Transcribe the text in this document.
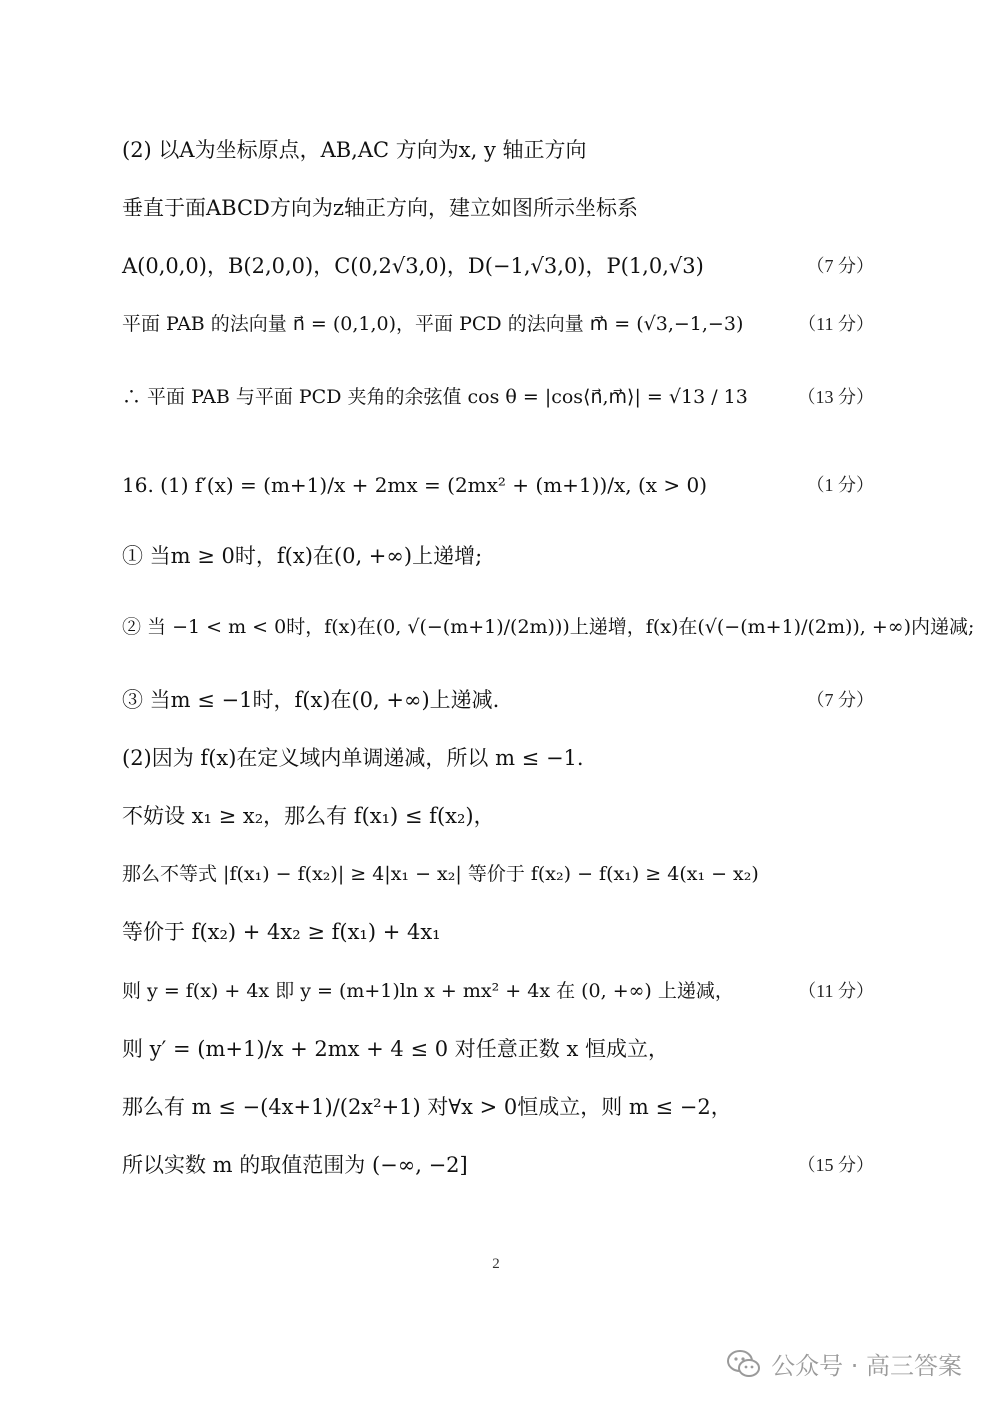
(2) 以A为坐标原点，AB,AC 方向为x, y 轴正方向
垂直于面ABCD方向为z轴正方向，建立如图所示坐标系
A(0,0,0)，B(2,0,0)，C(0,2√3,0)，D(−1,√3,0)，P(1,0,√3)	（7 分）
平面 PAB 的法向量 n⃗ = (0,1,0)，平面 PCD 的法向量 m⃗ = (√3,−1,−3)	（11 分）
∴ 平面 PAB 与平面 PCD 夹角的余弦值 cos θ = |cos⟨n⃗,m⃗⟩| = √13 / 13	（13 分）
16. (1) f′(x) = (m+1)/x + 2mx = (2mx² + (m+1))/x, (x > 0)	（1 分）
① 当m ≥ 0时，f(x)在(0, +∞)上递增;
② 当 −1 < m < 0时，f(x)在(0, √(−(m+1)/(2m)))上递增，f(x)在(√(−(m+1)/(2m)), +∞)内递减;
③ 当m ≤ −1时，f(x)在(0, +∞)上递减.	（7 分）
(2)因为 f(x)在定义域内单调递减，所以 m ≤ −1.
不妨设 x₁ ≥ x₂，那么有 f(x₁) ≤ f(x₂)，
那么不等式 |f(x₁) − f(x₂)| ≥ 4|x₁ − x₂| 等价于 f(x₂) − f(x₁) ≥ 4(x₁ − x₂)
等价于 f(x₂) + 4x₂ ≥ f(x₁) + 4x₁
则 y = f(x) + 4x 即 y = (m+1)ln x + mx² + 4x 在 (0, +∞) 上递减，	（11 分）
则 y′ = (m+1)/x + 2mx + 4 ≤ 0 对任意正数 x 恒成立，
那么有 m ≤ −(4x+1)/(2x²+1) 对∀x > 0恒成立，则 m ≤ −2，
所以实数 m 的取值范围为 (−∞, −2]	（15 分）
2
公众号 · 高三答案
